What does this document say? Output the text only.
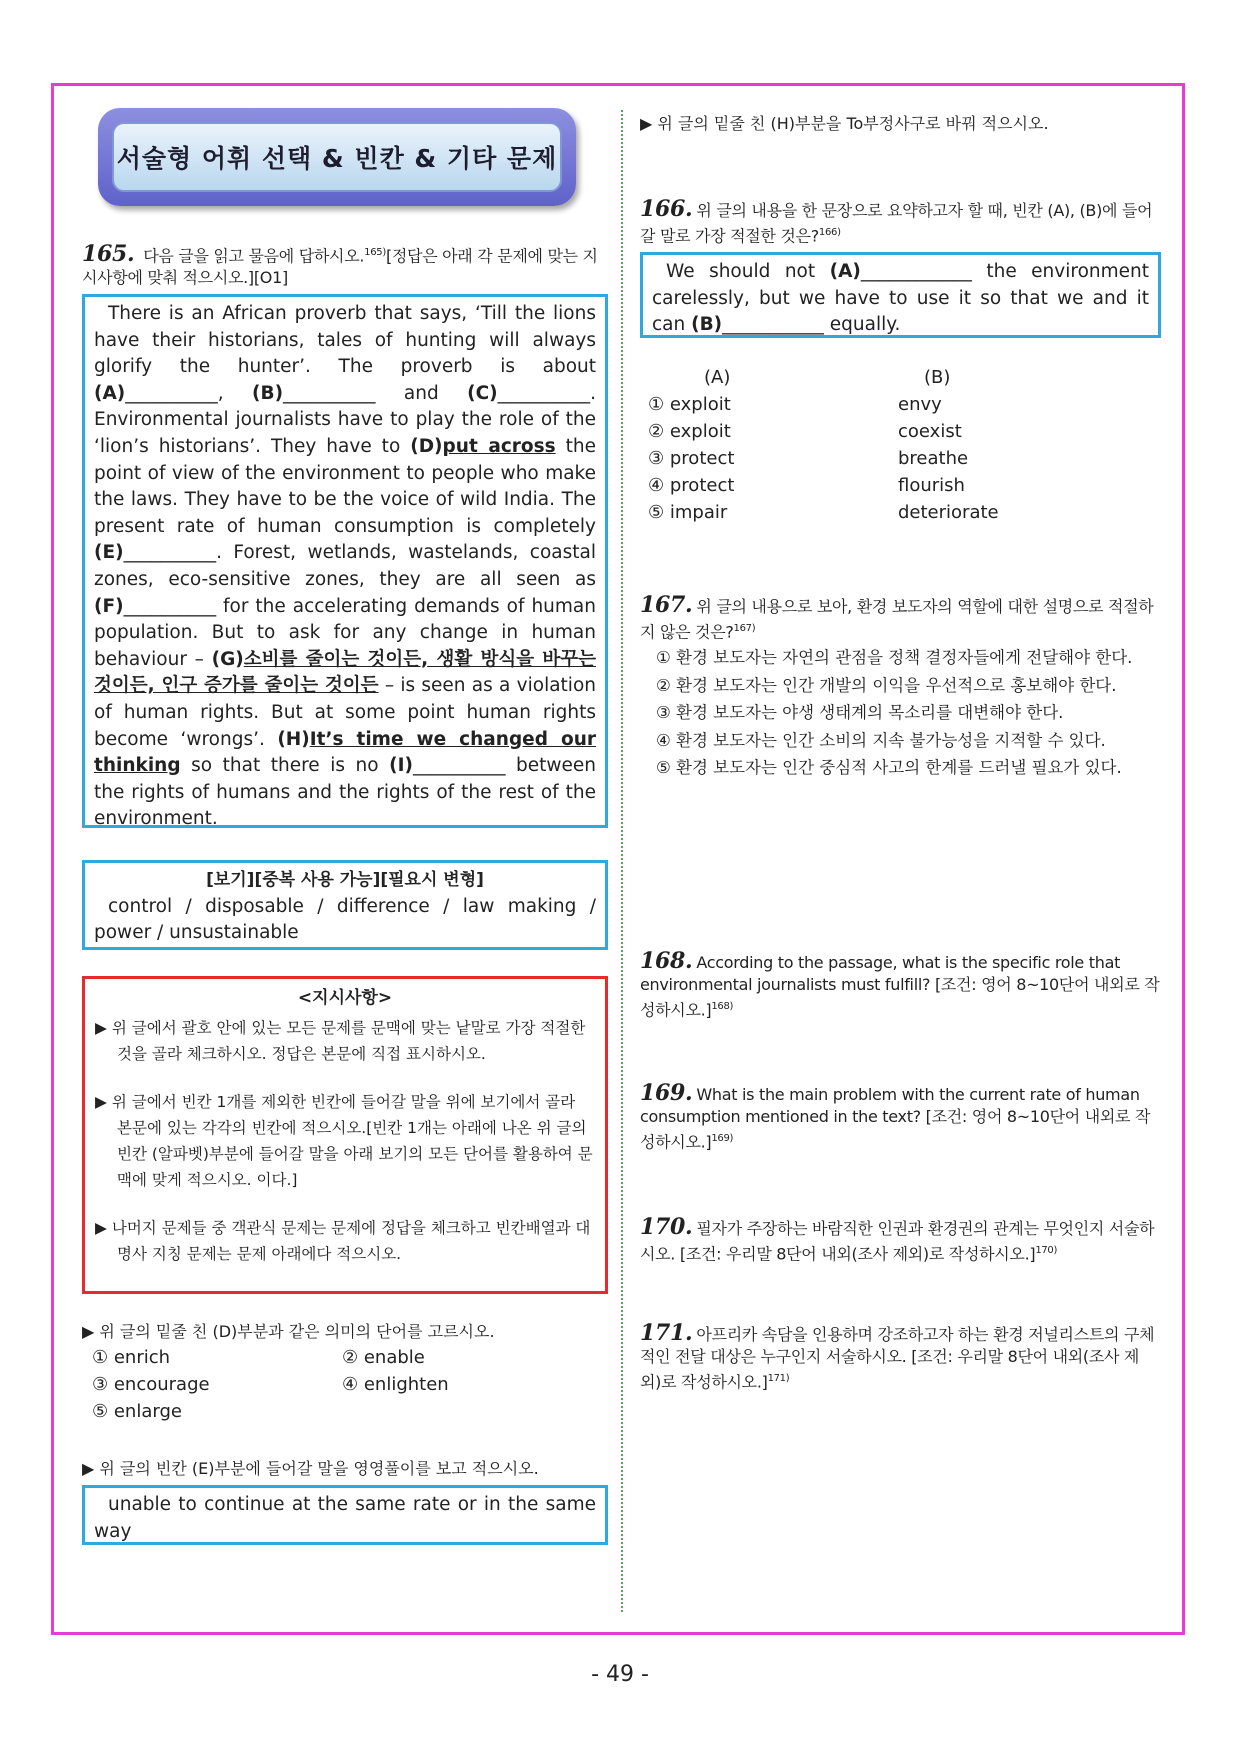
서술형 어휘 선택 & 빈칸 & 기타 문제
165. 다음 글을 읽고 물음에 답하시오.$^{165)}$[정답은 아래 각 문제에 맞는 지시사항에 맞춰 적으시오.][O1]
There is an African proverb that says, ‘Till the lions have their historians, tales of hunting will always glorify the hunter’. The proverb is about (A)__________, (B)__________ and (C)__________. Environmental journalists have to play the role of the ‘lion’s historians’. They have to (D)put across the point of view of the environment to people who make the laws. They have to be the voice of wild India. The present rate of human consumption is completely (E)__________. Forest, wetlands, wastelands, coastal zones, eco-sensitive zones, they are all seen as (F)__________ for the accelerating demands of human population. But to ask for any change in human behaviour – (G)소비를 줄이는 것이든, 생활 방식을 바꾸는 것이든, 인구 증가를 줄이는 것이든 – is seen as a violation of human rights. But at some point human rights become ‘wrongs’. (H)It’s time we changed our thinking so that there is no (I)__________ between the rights of humans and the rights of the rest of the environment.
[보기][중복 사용 가능][필요시 변형]
control / disposable / difference / law making / power / unsustainable
<지시사항>

▶ 위 글에서 괄호 안에 있는 모든 문제를 문맥에 맞는 낱말로 가장 적절한 것을 골라 체크하시오. 정답은 본문에 직접 표시하시오.

▶ 위 글에서 빈칸 1개를 제외한 빈칸에 들어갈 말을 위에 보기에서 골라 본문에 있는 각각의 빈칸에 적으시오.[빈칸 1개는 아래에 나온 위 글의 빈칸 (알파벳)부분에 들어갈 말을 아래 보기의 모든 단어를 활용하여 문맥에 맞게 적으시오. 이다.]

▶ 나머지 문제들 중 객관식 문제는 문제에 정답을 체크하고 빈칸배열과 대명사 지칭 문제는 문제 아래에다 적으시오.

▶ 위 글의 밑줄 친 (D)부분과 같은 의미의 단어를 고르시오.
① enrich	② enable
③ encourage	④ enlighten
⑤ enlarge
▶ 위 글의 빈칸 (E)부분에 들어갈 말을 영영풀이를 보고 적으시오.
unable to continue at the same rate or in the same way
▶ 위 글의 밑줄 친 (H)부분을 To부정사구로 바꿔 적으시오.
166. 위 글의 내용을 한 문장으로 요약하고자 할 때, 빈칸 (A), (B)에 들어갈 말로 가장 적절한 것은?$^{166)}$
We should not (A)____________ the environment carelessly, but we have to use it so that we and it can (B)___________ equally.
(A)	(B)
① exploit	envy
② exploit	coexist
③ protect	breathe
④ protect	flourish
⑤ impair	deteriorate
167. 위 글의 내용으로 보아, 환경 보도자의 역할에 대한 설명으로 적절하지 않은 것은?$^{167)}$
① 환경 보도자는 자연의 관점을 정책 결정자들에게 전달해야 한다.
② 환경 보도자는 인간 개발의 이익을 우선적으로 홍보해야 한다.
③ 환경 보도자는 야생 생태계의 목소리를 대변해야 한다.
④ 환경 보도자는 인간 소비의 지속 불가능성을 지적할 수 있다.
⑤ 환경 보도자는 인간 중심적 사고의 한계를 드러낼 필요가 있다.
168. According to the passage, what is the specific role that environmental journalists must fulfill? [조건: 영어 8~10단어 내외로 작성하시오.]$^{168)}$
169. What is the main problem with the current rate of human consumption mentioned in the text? [조건: 영어 8~10단어 내외로 작성하시오.]$^{169)}$
170. 필자가 주장하는 바람직한 인권과 환경권의 관계는 무엇인지 서술하시오. [조건: 우리말 8단어 내외(조사 제외)로 작성하시오.]$^{170)}$
171. 아프리카 속담을 인용하며 강조하고자 하는 환경 저널리스트의 구체적인 전달 대상은 누구인지 서술하시오. [조건: 우리말 8단어 내외(조사 제외)로 작성하시오.]$^{171)}$
- 49 -
